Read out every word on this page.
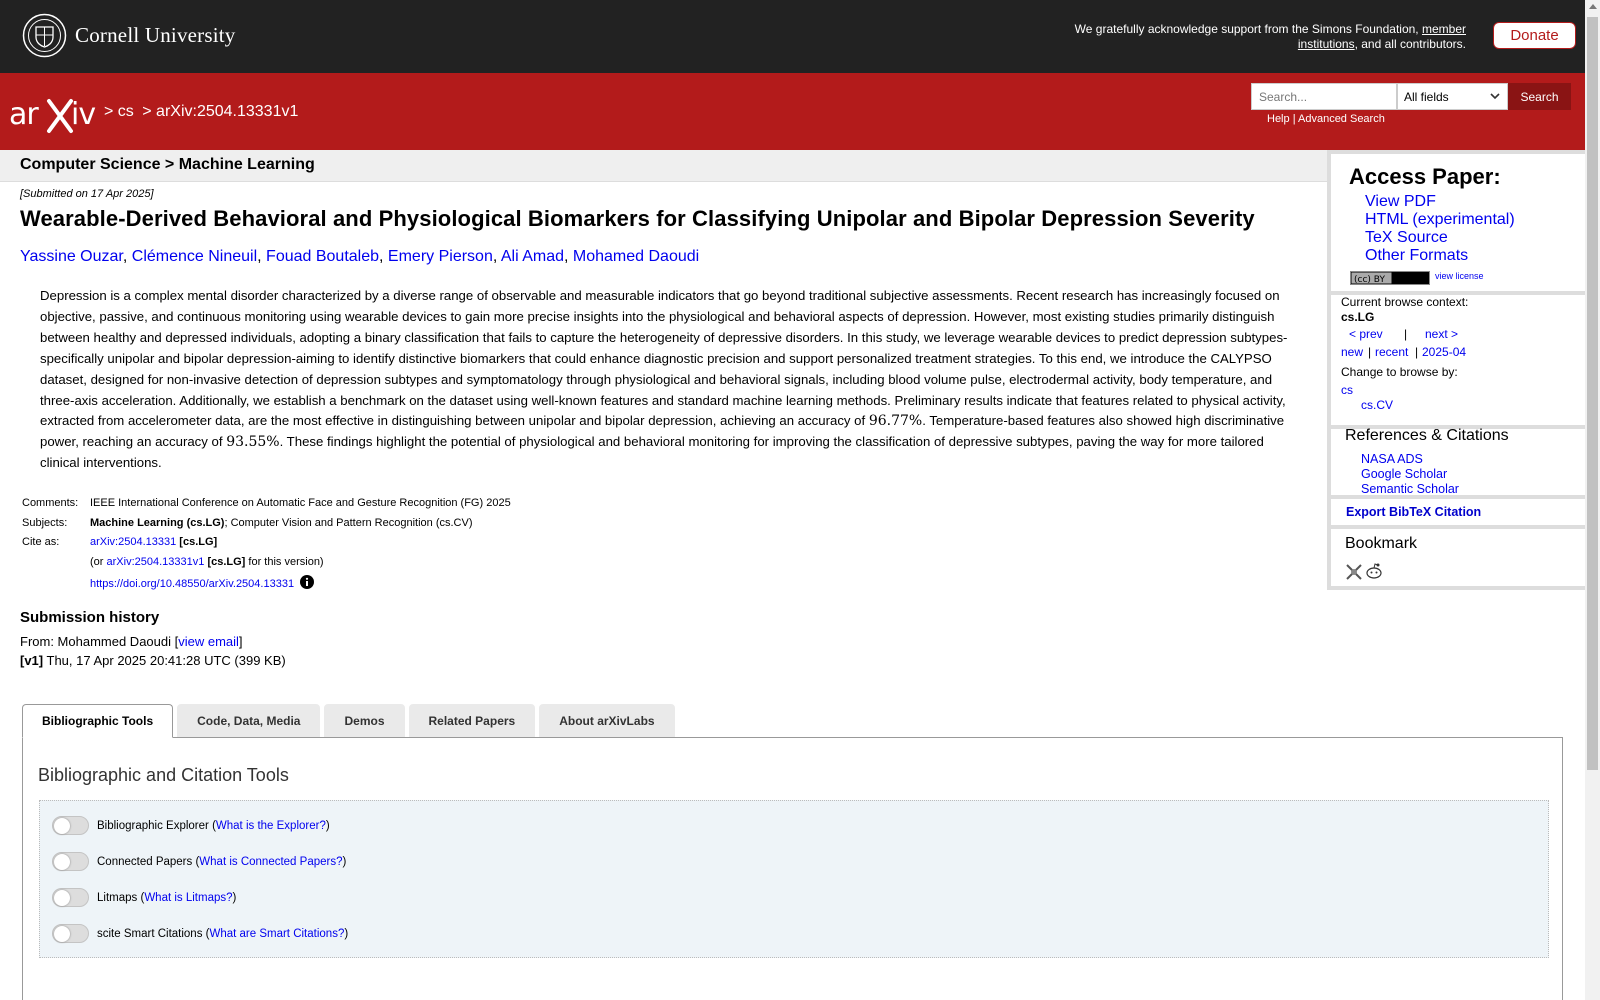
Cornell University	We gratefully acknowledge support from the Simons Foundation, member institutions, and all contributors.	Donate
ar iv > cs > arXiv:2504.13331v1
Search...	All fields	Search
Help | Advanced Search
Computer Science > Machine Learning
[Submitted on 17 Apr 2025]
Wearable-Derived Behavioral and Physiological Biomarkers for Classifying Unipolar and Bipolar Depression Severity
Yassine Ouzar, Clémence Nineuil, Fouad Boutaleb, Emery Pierson, Ali Amad, Mohamed Daoudi
Depression is a complex mental disorder characterized by a diverse range of observable and measurable indicators that go beyond traditional subjective assessments. Recent research has increasingly focused on objective, passive, and continuous monitoring using wearable devices to gain more precise insights into the physiological and behavioral aspects of depression. However, most existing studies primarily distinguish between healthy and depressed individuals, adopting a binary classification that fails to capture the heterogeneity of depressive disorders. In this study, we leverage wearable devices to predict depression subtypes-specifically unipolar and bipolar depression-aiming to identify distinctive biomarkers that could enhance diagnostic precision and support personalized treatment strategies. To this end, we introduce the CALYPSO dataset, designed for non-invasive detection of depression subtypes and symptomatology through physiological and behavioral signals, including blood volume pulse, electrodermal activity, body temperature, and three-axis acceleration. Additionally, we establish a benchmark on the dataset using well-known features and standard machine learning methods. Preliminary results indicate that features related to physical activity, extracted from accelerometer data, are the most effective in distinguishing between unipolar and bipolar depression, achieving an accuracy of 96.77%. Temperature-based features also showed high discriminative power, reaching an accuracy of 93.55%. These findings highlight the potential of physiological and behavioral monitoring for improving the classification of depressive subtypes, paving the way for more tailored clinical interventions.
Comments:	IEEE International Conference on Automatic Face and Gesture Recognition (FG) 2025
Subjects:	Machine Learning (cs.LG); Computer Vision and Pattern Recognition (cs.CV)
Cite as:	arXiv:2504.13331 [cs.LG]
	(or arXiv:2504.13331v1 [cs.LG] for this version)
	https://doi.org/10.48550/arXiv.2504.13331
Submission history
From: Mohammed Daoudi [view email]
[v1] Thu, 17 Apr 2025 20:41:28 UTC (399 KB)
Bibliographic Tools	Code, Data, Media	Demos	Related Papers	About arXivLabs
Bibliographic and Citation Tools
Bibliographic Explorer ( What is the Explorer? )
Connected Papers ( What is Connected Papers? )
Litmaps ( What is Litmaps? )
scite Smart Citations ( What are Smart Citations? )
Access Paper:
View PDF
HTML (experimental)
TeX Source
Other Formats
(cc) BY	view license
Current browse context:
cs.LG
< prev | next >
new | recent | 2025-04
Change to browse by:
cs
cs.CV
References & Citations
NASA ADS
Google Scholar
Semantic Scholar
Export BibTeX Citation
Bookmark
